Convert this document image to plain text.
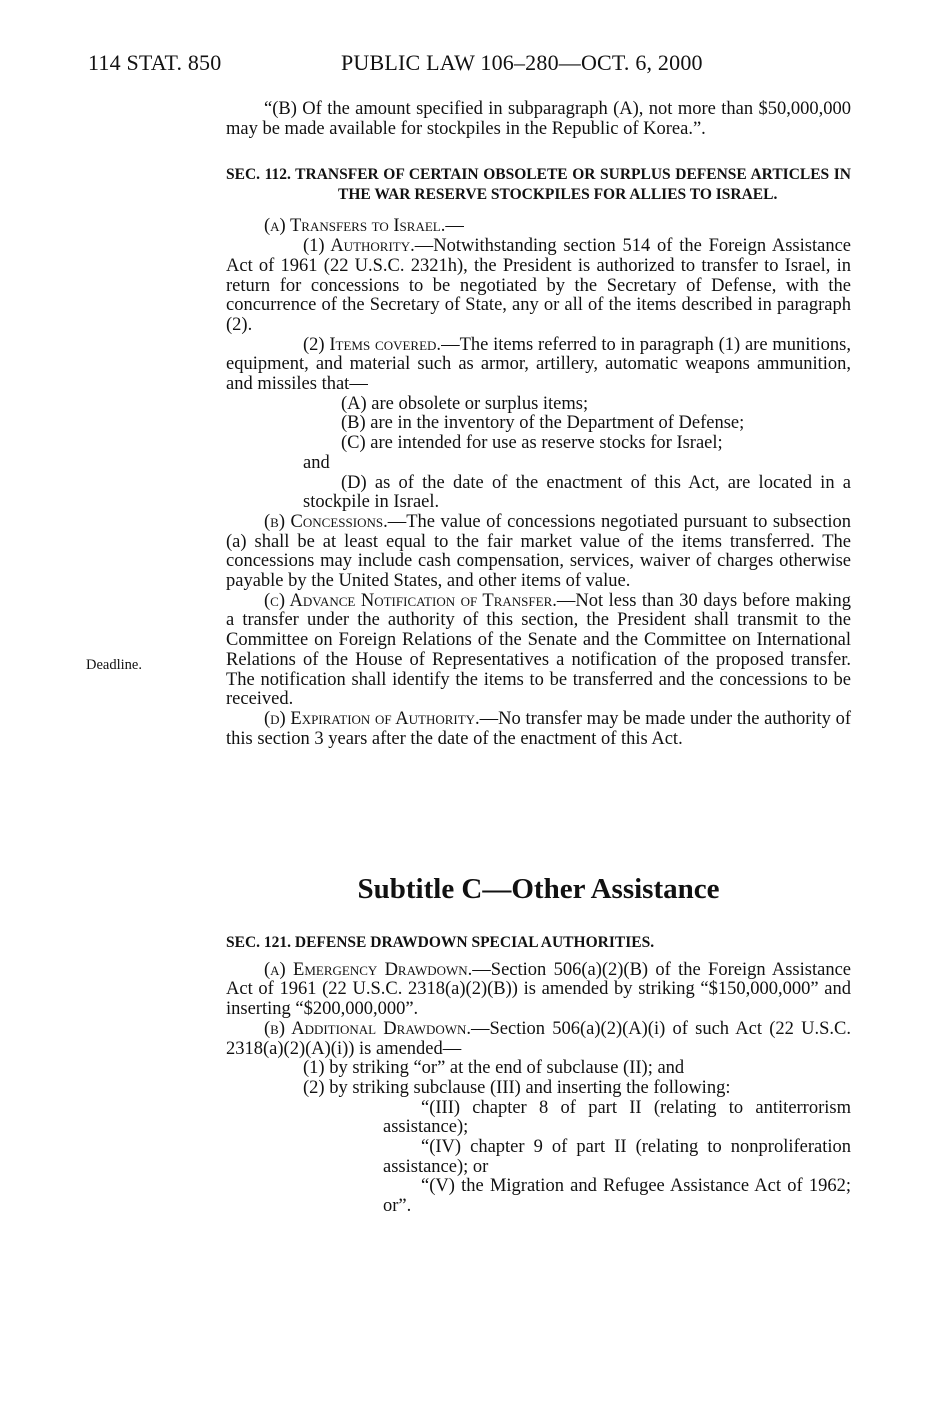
114 STAT. 850	PUBLIC LAW 106–280—OCT. 6, 2000
Deadline.

“(B) Of the amount specified in subparagraph (A), not more than $50,000,000 may be made available for stockpiles in the Republic of Korea.”.

SEC. 112. TRANSFER OF CERTAIN OBSOLETE OR SURPLUS DEFENSE ARTICLES IN THE WAR RESERVE STOCKPILES FOR ALLIES TO ISRAEL.

(a) Transfers to Israel.—

(1) Authority.—Notwithstanding section 514 of the Foreign Assistance Act of 1961 (22 U.S.C. 2321h), the President is authorized to transfer to Israel, in return for concessions to be negotiated by the Secretary of Defense, with the concurrence of the Secretary of State, any or all of the items described in paragraph (2).

(2) Items covered.—The items referred to in paragraph (1) are munitions, equipment, and material such as armor, artillery, automatic weapons ammunition, and missiles that—

(A) are obsolete or surplus items;

(B) are in the inventory of the Department of Defense;

(C) are intended for use as reserve stocks for Israel;

and

(D) as of the date of the enactment of this Act, are located in a stockpile in Israel.

(b) Concessions.—The value of concessions negotiated pursuant to subsection (a) shall be at least equal to the fair market value of the items transferred. The concessions may include cash compensation, services, waiver of charges otherwise payable by the United States, and other items of value.

(c) Advance Notification of Transfer.—Not less than 30 days before making a transfer under the authority of this section, the President shall transmit to the Committee on Foreign Relations of the Senate and the Committee on International Relations of the House of Representatives a notification of the proposed transfer. The notification shall identify the items to be transferred and the concessions to be received.

(d) Expiration of Authority.—No transfer may be made under the authority of this section 3 years after the date of the enactment of this Act.

Subtitle C—Other Assistance

SEC. 121. DEFENSE DRAWDOWN SPECIAL AUTHORITIES.

(a) Emergency Drawdown.—Section 506(a)(2)(B) of the Foreign Assistance Act of 1961 (22 U.S.C. 2318(a)(2)(B)) is amended by striking “$150,000,000” and inserting “$200,000,000”.

(b) Additional Drawdown.—Section 506(a)(2)(A)(i) of such Act (22 U.S.C. 2318(a)(2)(A)(i)) is amended—

(1) by striking “or” at the end of subclause (II); and

(2) by striking subclause (III) and inserting the following:

“(III) chapter 8 of part II (relating to antiterrorism assistance);

“(IV) chapter 9 of part II (relating to nonproliferation assistance); or

“(V) the Migration and Refugee Assistance Act of 1962; or”.
